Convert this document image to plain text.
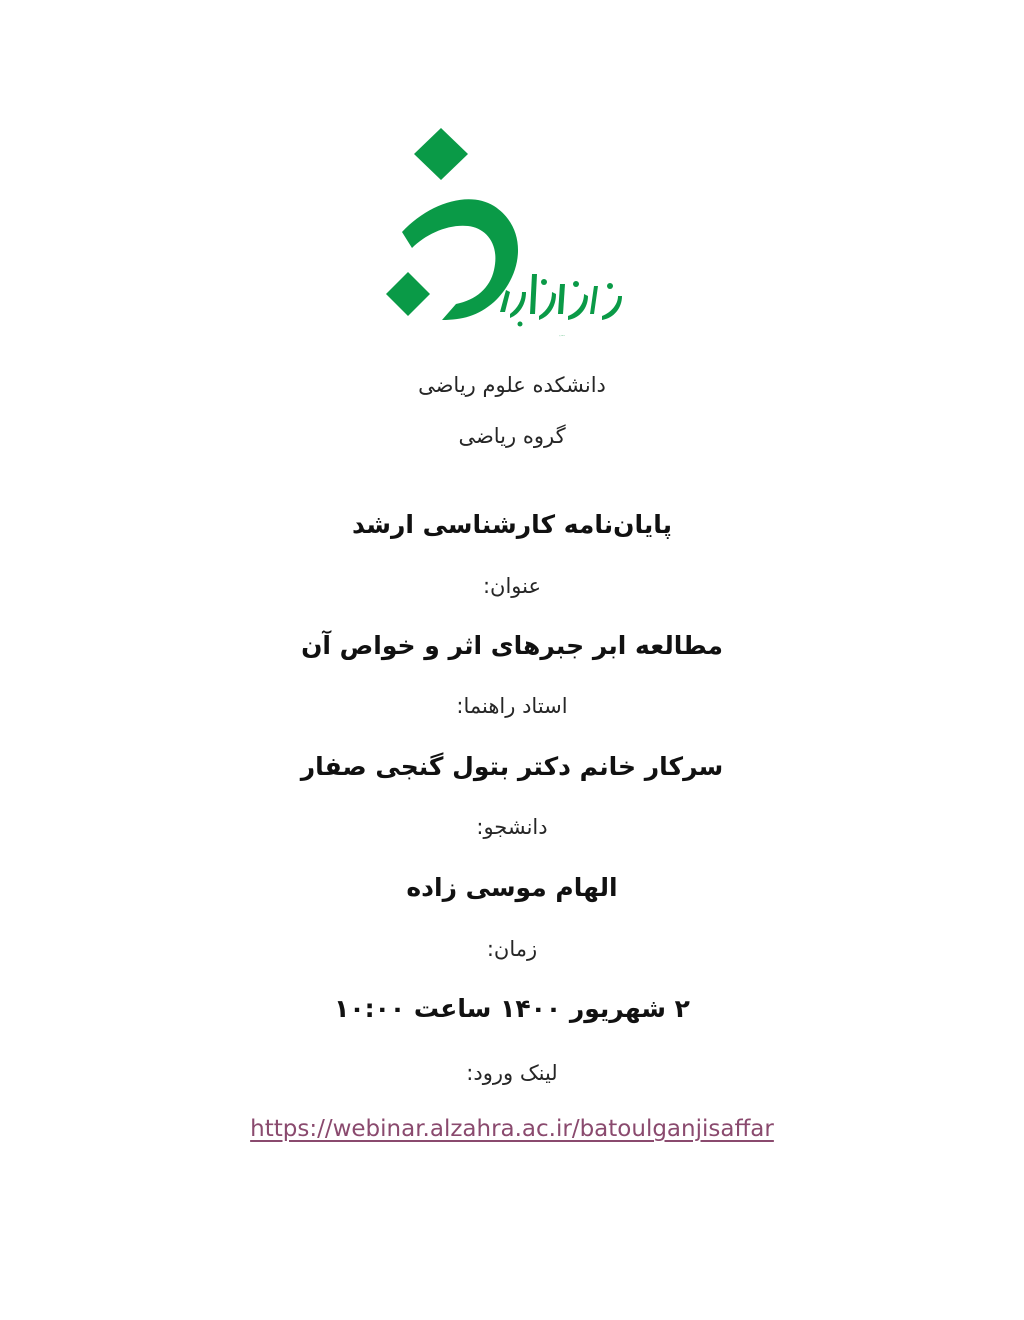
دانشگاه الزهرا
دانشکده علوم ریاضی
گروه ریاضی
پایان‌نامه کارشناسی ارشد
عنوان:
مطالعه ابر جبرهای اثر و خواص آن
استاد راهنما:
سرکار خانم دکتر بتول گنجی صفار
دانشجو:
الهام موسی زاده
زمان:
۲ شهریور ۱۴۰۰ ساعت ۱۰:۰۰
لینک ورود:
https://webinar.alzahra.ac.ir/batoulganjisaffar
